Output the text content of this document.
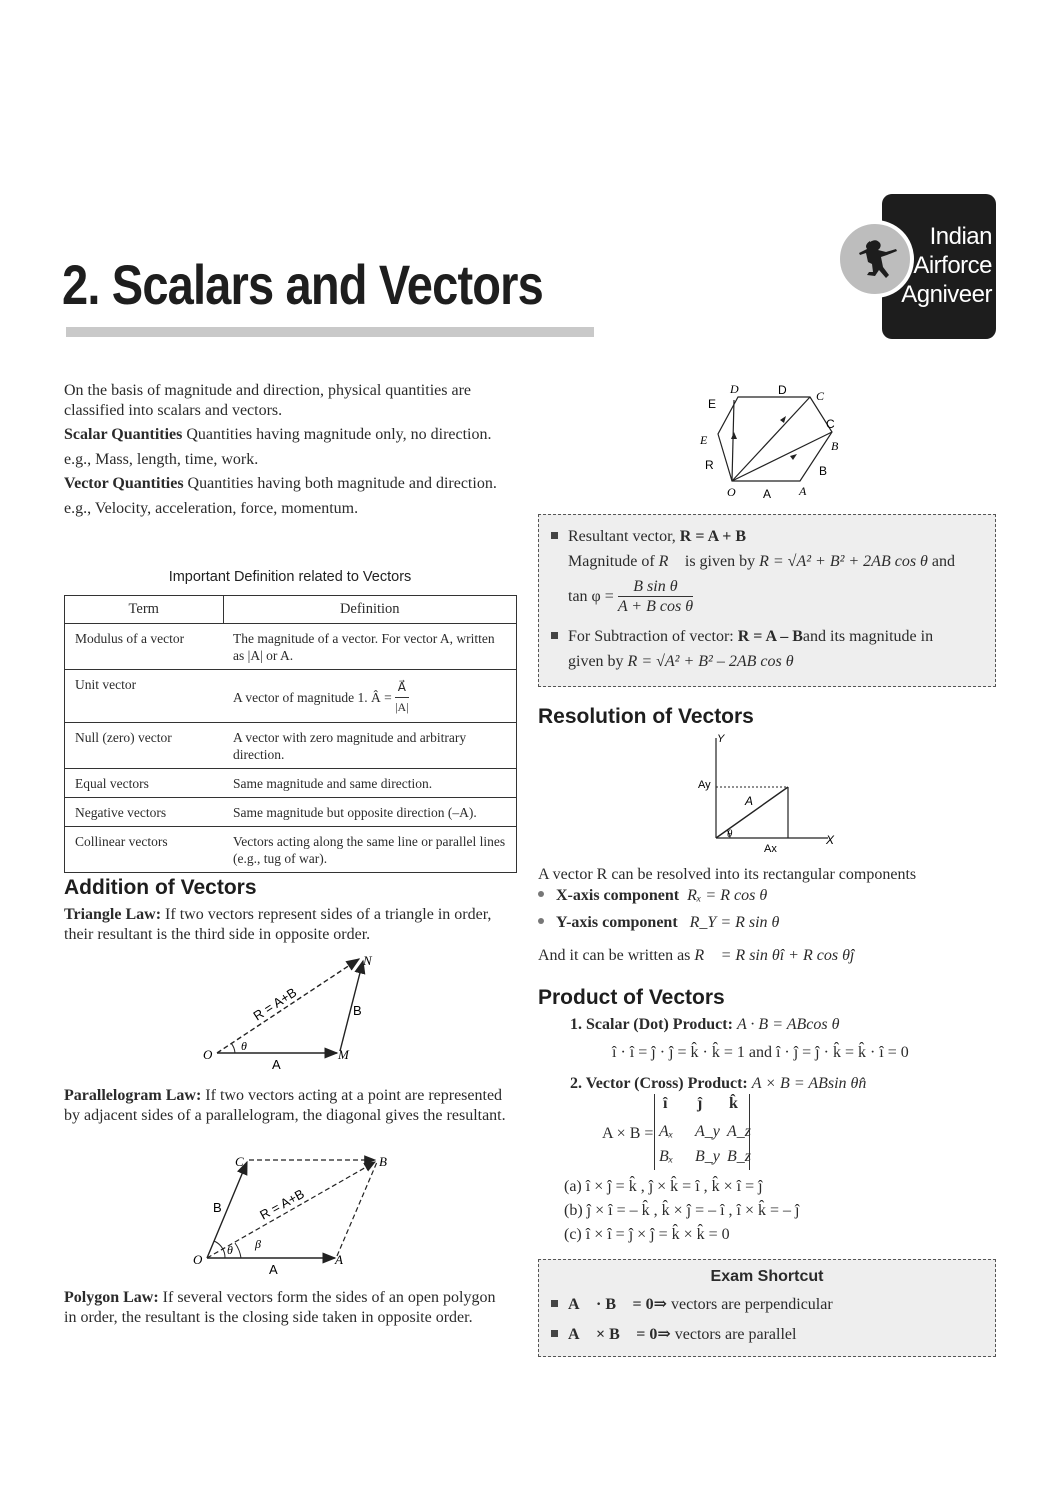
2. Scalars and Vectors
Indian
Airforce
Agniveer

On the basis of magnitude and direction, physical quantities are classified into scalars and vectors.

Scalar Quantities Quantities having magnitude only, no direction.

e.g., Mass, length, time, work.

Vector Quantities Quantities having both magnitude and direction.

e.g., Velocity, acceleration, force, momentum.

Important Definition related to Vectors
Term	Definition
Modulus of a vector	The magnitude of a vector. For vector A, written as |A| or A.
Unit vector	A vector of magnitude 1. Â = $\frac{A⃗}{|A|}$

Null (zero) vector	A vector with zero magnitude and arbitrary direction.
Equal vectors	Same magnitude and same direction.
Negative vectors	Same magnitude but opposite direction (–A).
Collinear vectors	Vectors acting along the same line or parallel lines (e.g., tug of war).
Addition of Vectors

Triangle Law: If two vectors represent sides of a triangle in order, their resultant is the third side in opposite order.

O	M
N
A
B
θ
R = A+B

Parallelogram Law: If two vectors acting at a point are represented by adjacent sides of a parallelogram, the diagonal gives the resultant.

O	A
B
C
A
B
θ β
R = A+B

Polygon Law: If several vectors form the sides of an open polygon in order, the resultant is the closing side taken in opposite order.

O A A
B
B
C
C
D
D
E
E
R
Resultant vector, R = A + B
Magnitude of R⃗ is given by R = √A² + B² + 2AB cos θ and
$\tan \varphi = \frac{\text{B sin θ}}{\text{A + B cos θ}}$
For Subtraction of vector: R = A – Band its magnitude in
given by R = √A² + B² – 2AB cos θ
Resolution of Vectors
Y
X
Ay
Ax
A
θ

A vector R can be resolved into its rectangular components

X-axis component Rₓ = R cos θ

Y-axis component R_Y = R sin θ

And it can be written as R⃗ = R sin θî + R cos θĵ

Product of Vectors

1. Scalar (Dot) Product: A · B = ABcos θ

î · î = ĵ · ĵ = k̂ · k̂ = 1 and î · ĵ = ĵ · k̂ = k̂ · î = 0

2. Vector (Cross) Product: A × B = ABsin θn̂

A × B =
î ĵ k̂
Aₓ A_y A_z
Bₓ B_y B_z

(a) î × ĵ = k̂ , ĵ × k̂ = î , k̂ × î = ĵ

(b) ĵ × î = – k̂ , k̂ × ĵ = – î , î × k̂ = – ĵ

(c) î × î = ĵ × ĵ = k̂ × k̂ = 0

Exam Shortcut
A⃗ · B⃗ = 0⇒ vectors are perpendicular
A⃗ × B⃗ = 0⇒ vectors are parallel
